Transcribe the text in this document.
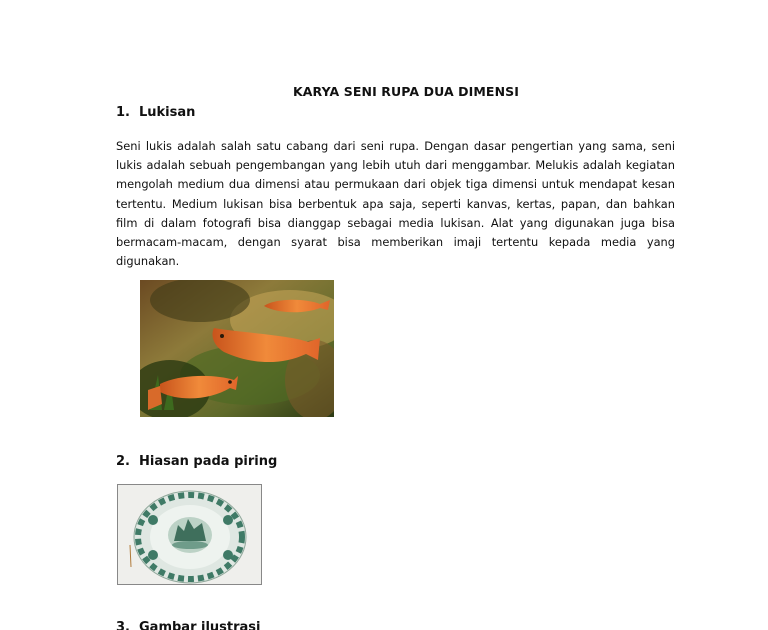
KARYA SENI RUPA DUA DIMENSI
1. Lukisan

Seni lukis adalah salah satu cabang dari seni rupa. Dengan dasar pengertian yang sama, seni lukis adalah sebuah pengembangan yang lebih utuh dari menggambar. Melukis adalah kegiatan mengolah medium dua dimensi atau permukaan dari objek tiga dimensi untuk mendapat kesan tertentu. Medium lukisan bisa berbentuk apa saja, seperti kanvas, kertas, papan, dan bahkan film di dalam fotografi bisa dianggap sebagai media lukisan. Alat yang digunakan juga bisa bermacam-macam, dengan syarat bisa memberikan imaji tertentu kepada media yang digunakan.

2. Hiasan pada piring
3. Gambar ilustrasi
